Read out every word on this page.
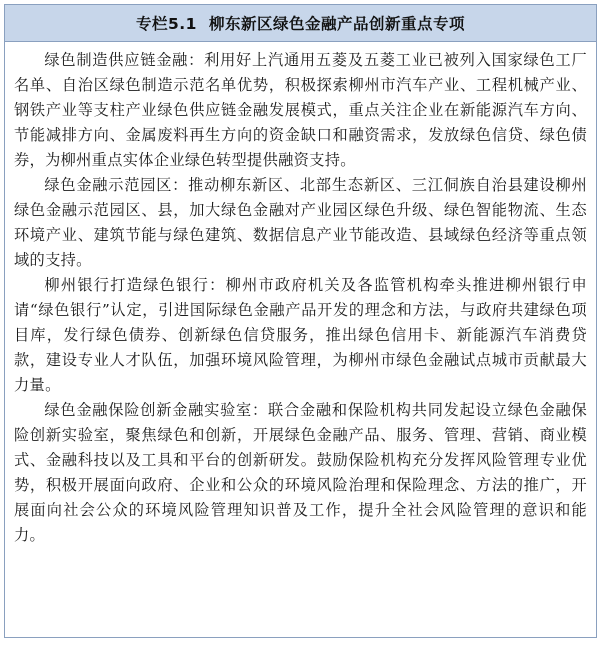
专栏5.1 柳东新区绿色金融产品创新重点专项

绿色制造供应链金融：利用好上汽通用五菱及五菱工业已被列入国家绿色工厂名单、自治区绿色制造示范名单优势，积极探索柳州市汽车产业、工程机械产业、钢铁产业等支柱产业绿色供应链金融发展模式，重点关注企业在新能源汽车方向、节能减排方向、金属废料再生方向的资金缺口和融资需求，发放绿色信贷、绿色债券，为柳州重点实体企业绿色转型提供融资支持。

绿色金融示范园区：推动柳东新区、北部生态新区、三江侗族自治县建设柳州绿色金融示范园区、县，加大绿色金融对产业园区绿色升级、绿色智能物流、生态环境产业、建筑节能与绿色建筑、数据信息产业节能改造、县域绿色经济等重点领域的支持。

柳州银行打造绿色银行：柳州市政府机关及各监管机构牵头推进柳州银行申请“绿色银行”认定，引进国际绿色金融产品开发的理念和方法，与政府共建绿色项目库，发行绿色债券、创新绿色信贷服务，推出绿色信用卡、新能源汽车消费贷款，建设专业人才队伍，加强环境风险管理，为柳州市绿色金融试点城市贡献最大力量。

绿色金融保险创新金融实验室：联合金融和保险机构共同发起设立绿色金融保险创新实验室，聚焦绿色和创新，开展绿色金融产品、服务、管理、营销、商业模式、金融科技以及工具和平台的创新研发。鼓励保险机构充分发挥风险管理专业优势，积极开展面向政府、企业和公众的环境风险治理和保险理念、方法的推广，开展面向社会公众的环境风险管理知识普及工作，提升全社会风险管理的意识和能力。
